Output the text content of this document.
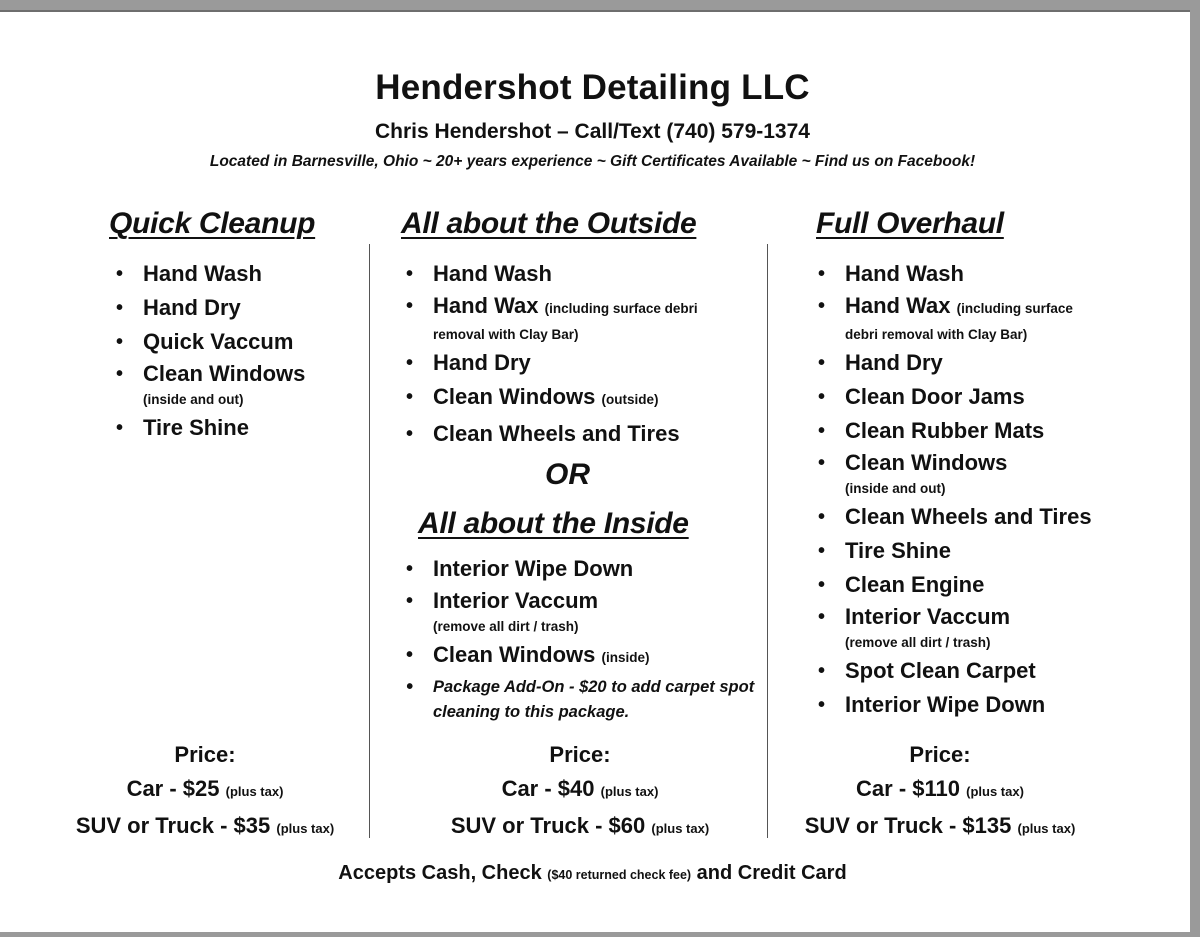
Hendershot Detailing LLC
Chris Hendershot – Call/Text (740) 579-1374
Located in Barnesville, Ohio ~ 20+ years experience ~ Gift Certificates Available ~ Find us on Facebook!
Quick Cleanup
• Hand Wash
• Hand Dry
• Quick Vaccum
• Clean Windows
(inside and out)
• Tire Shine
Price:
Car - $25 (plus tax)
SUV or Truck - $35 (plus tax)
All about the Outside
• Hand Wash
• Hand Wax (including surface debri
removal with Clay Bar)
• Hand Dry
• Clean Windows (outside)
• Clean Wheels and Tires
OR
All about the Inside
• Interior Wipe Down
• Interior Vaccum
(remove all dirt / trash)
• Clean Windows (inside)
• Package Add-On - $20 to add carpet spot cleaning to this package.
Price:
Car - $40 (plus tax)
SUV or Truck - $60 (plus tax)
Full Overhaul
• Hand Wash
• Hand Wax (including surface
debri removal with Clay Bar)
• Hand Dry
• Clean Door Jams
• Clean Rubber Mats
• Clean Windows
(inside and out)
• Clean Wheels and Tires
• Tire Shine
• Clean Engine
• Interior Vaccum
(remove all dirt / trash)
• Spot Clean Carpet
• Interior Wipe Down
Price:
Car - $110 (plus tax)
SUV or Truck - $135 (plus tax)
Accepts Cash, Check ($40 returned check fee) and Credit Card
